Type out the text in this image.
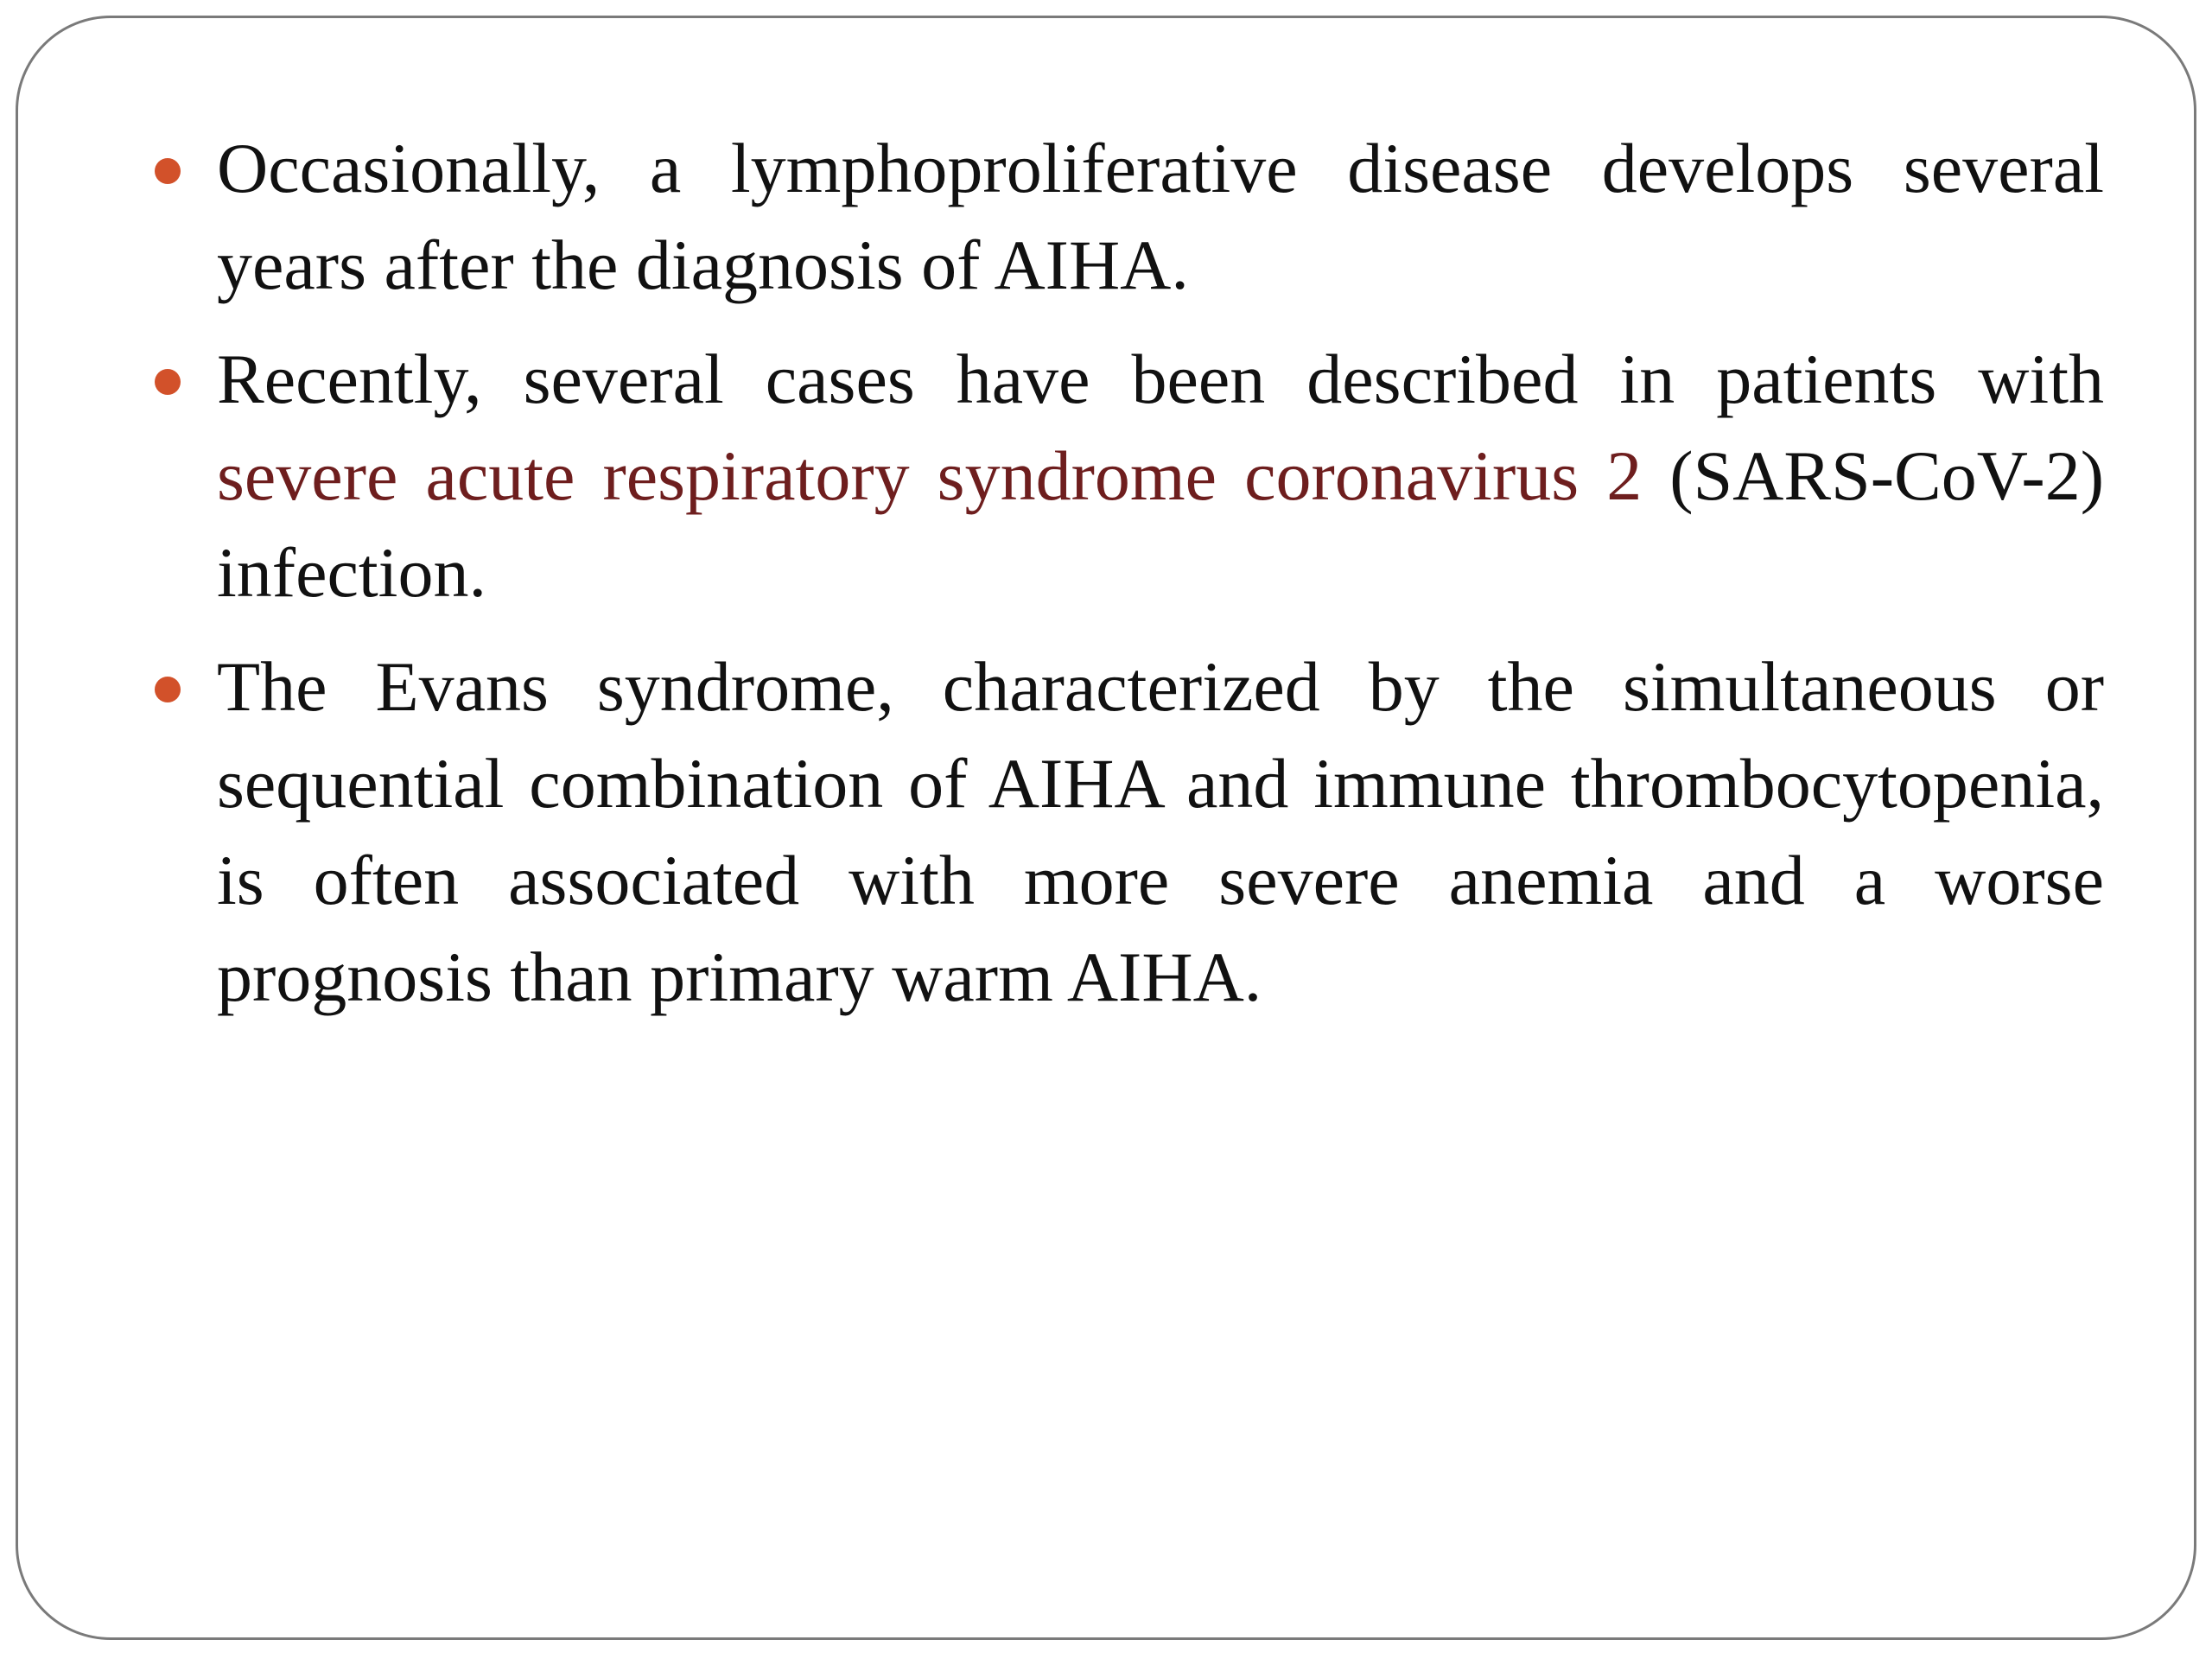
Occasionally, a lymphoproliferative disease develops several years after the diagnosis of AIHA.
Recently, several cases have been described in patients with severe acute respiratory syndrome coronavirus 2 (SARS-CoV-2) infection.
The Evans syndrome, characterized by the simultaneous or sequential combination of AIHA and immune thrombocytopenia, is often associated with more severe anemia and a worse prognosis than primary warm AIHA.
